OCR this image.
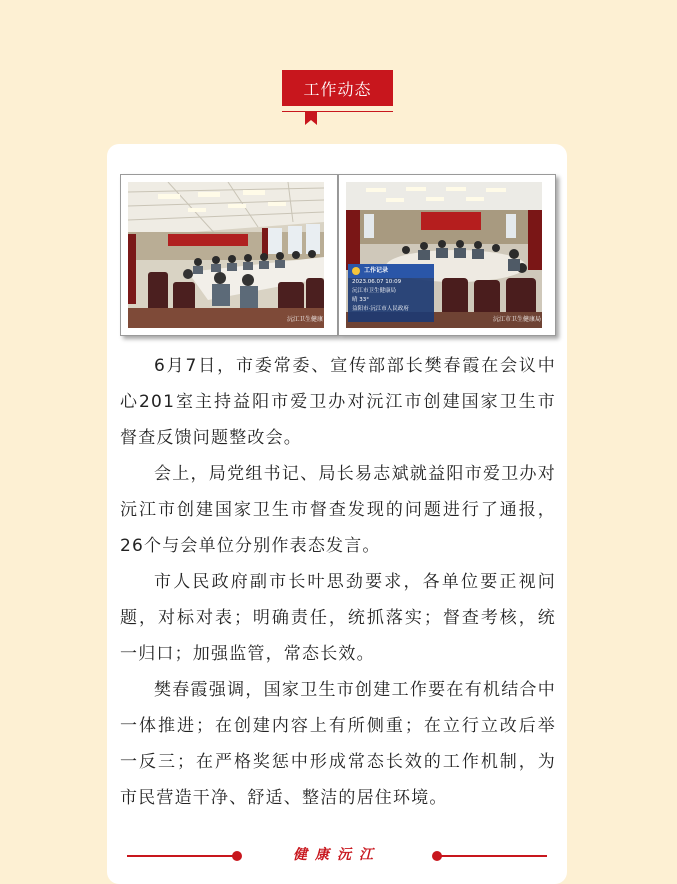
工作动态
沅江卫生健康
工作记录
2023.06.07 10:09
沅江市卫生健康局
晴 33°
益阳市·沅江市人民政府
沅江市卫生健康局

6月7日，市委常委、宣传部部长樊春霞在会议中心201室主持益阳市爱卫办对沅江市创建国家卫生市督查反馈问题整改会。

会上，局党组书记、局长易志斌就益阳市爱卫办对沅江市创建国家卫生市督查发现的问题进行了通报，26个与会单位分别作表态发言。

市人民政府副市长叶思劲要求，各单位要正视问题，对标对表；明确责任，统抓落实；督查考核，统一归口；加强监管，常态长效。

樊春霞强调，国家卫生市创建工作要在有机结合中一体推进；在创建内容上有所侧重；在立行立改后举一反三；在严格奖惩中形成常态长效的工作机制，为市民营造干净、舒适、整洁的居住环境。

健康沅江
